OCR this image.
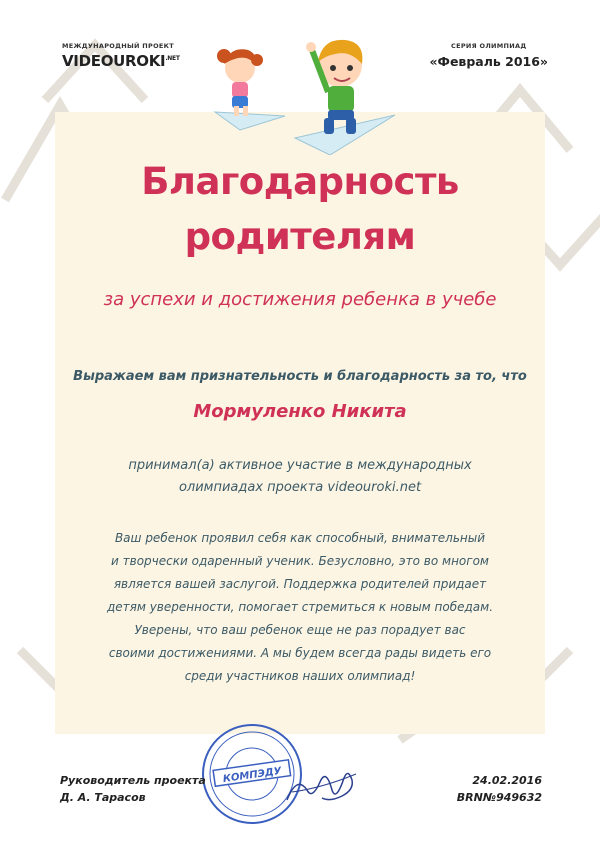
МЕЖДУНАРОДНЫЙ ПРОЕКТ
$VIDEOUROKI^{.NET}$
СЕРИЯ ОЛИМПИАД
«Февраль 2016»
Благодарность
родителям
за успехи и достижения ребенка в учебе
Выражаем вам признательность и благодарность за то, что
Мормуленко Никита
принимал(а) активное участие в международных
олимпиадах проекта videouroki.net
Ваш ребенок проявил себя как способный, внимательный
и творчески одаренный ученик. Безусловно, это во многом
является вашей заслугой. Поддержка родителей придает
детям уверенности, помогает стремиться к новым победам.
Уверены, что ваш ребенок еще не раз порадует вас
своими достижениями. А мы будем всегда рады видеть его
среди участников наших олимпиад!
КОМПЭДУ
Руководитель проекта
Д. А. Тарасов
24.02.2016
BRN№949632
